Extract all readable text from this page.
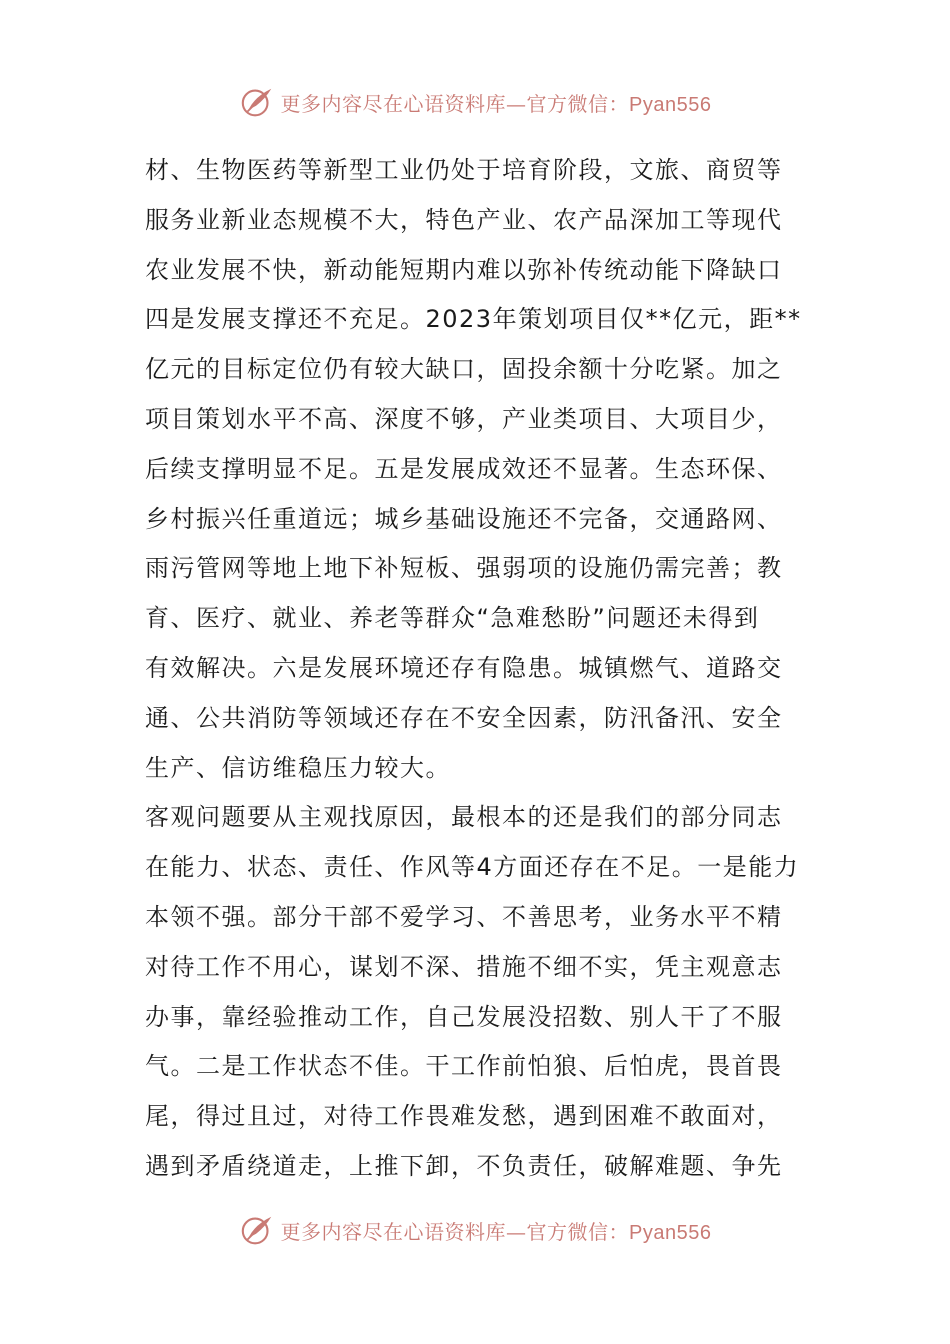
更多内容尽在心语资料库—官方微信：Pyan556
材、生物医药等新型工业仍处于培育阶段，文旅、商贸等
服务业新业态规模不大，特色产业、农产品深加工等现代
农业发展不快，新动能短期内难以弥补传统动能下降缺口
四是发展支撑还不充足。2023年策划项目仅**亿元，距**
亿元的目标定位仍有较大缺口，固投余额十分吃紧。加之
项目策划水平不高、深度不够，产业类项目、大项目少，
后续支撑明显不足。五是发展成效还不显著。生态环保、
乡村振兴任重道远；城乡基础设施还不完备，交通路网、
雨污管网等地上地下补短板、强弱项的设施仍需完善；教
育、医疗、就业、养老等群众“急难愁盼”问题还未得到
有效解决。六是发展环境还存有隐患。城镇燃气、道路交
通、公共消防等领域还存在不安全因素，防汛备汛、安全
生产、信访维稳压力较大。
客观问题要从主观找原因，最根本的还是我们的部分同志
在能力、状态、责任、作风等4方面还存在不足。一是能力
本领不强。部分干部不爱学习、不善思考，业务水平不精
对待工作不用心，谋划不深、措施不细不实，凭主观意志
办事，靠经验推动工作，自己发展没招数、别人干了不服
气。二是工作状态不佳。干工作前怕狼、后怕虎，畏首畏
尾，得过且过，对待工作畏难发愁，遇到困难不敢面对，
遇到矛盾绕道走，上推下卸，不负责任，破解难题、争先
更多内容尽在心语资料库—官方微信：Pyan556
